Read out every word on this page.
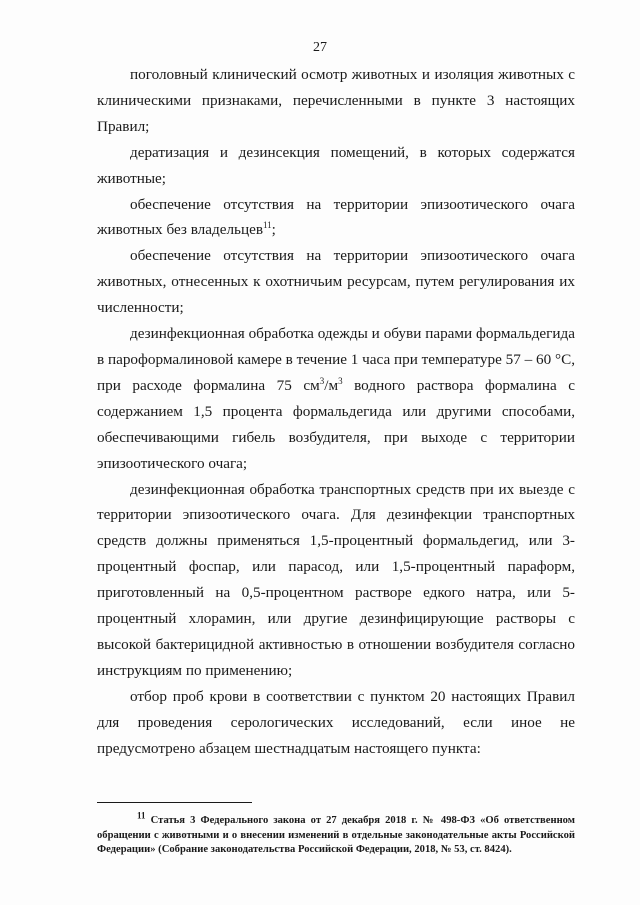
27

поголовный клинический осмотр животных и изоляция животных с клиническими признаками, перечисленными в пункте 3 настоящих Правил;

дератизация и дезинсекция помещений, в которых содержатся животные;

обеспечение отсутствия на территории эпизоотического очага животных без владельцев$^{11}$;

обеспечение отсутствия на территории эпизоотического очага животных, отнесенных к охотничьим ресурсам, путем регулирования их численности;

дезинфекционная обработка одежды и обуви парами формальдегида в пароформалиновой камере в течение 1 часа при температуре 57 – 60 °С, при расходе формалина 75 $см^3/м^3$ водного раствора формалина с содержанием 1,5 процента формальдегида или другими способами, обеспечивающими гибель возбудителя, при выходе с территории эпизоотического очага;

дезинфекционная обработка транспортных средств при их выезде с территории эпизоотического очага. Для дезинфекции транспортных средств должны применяться 1,5-процентный формальдегид, или 3-процентный фоспар, или парасод, или 1,5-процентный параформ, приготовленный на 0,5-процентном растворе едкого натра, или 5-процентный хлорамин, или другие дезинфицирующие растворы с высокой бактерицидной активностью в отношении возбудителя согласно инструкциям по применению;

отбор проб крови в соответствии с пунктом 20 настоящих Правил для проведения серологических исследований, если иное не предусмотрено абзацем шестнадцатым настоящего пункта:

$^{11}$ Статья 3 Федерального закона от 27 декабря 2018 г. № 498-ФЗ «Об ответственном обращении с животными и о внесении изменений в отдельные законодательные акты Российской Федерации» (Собрание законодательства Российской Федерации, 2018, № 53, ст. 8424).
